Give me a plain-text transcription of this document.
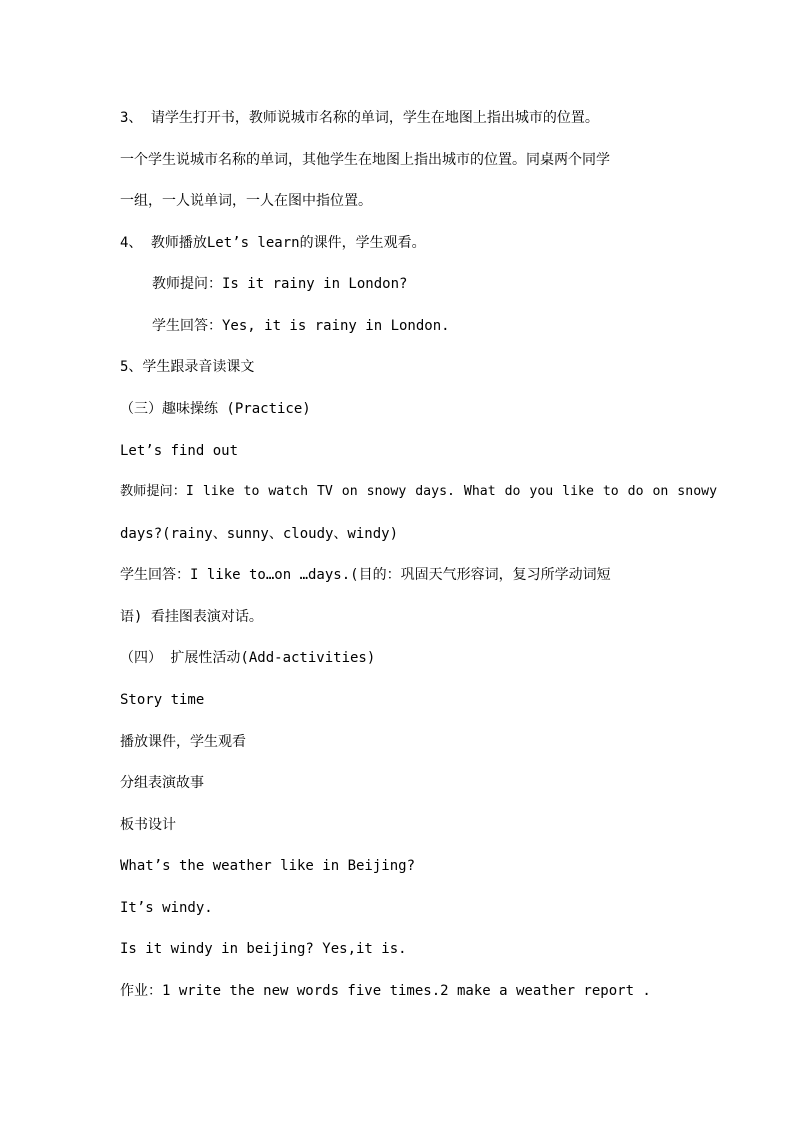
3、 请学生打开书，教师说城市名称的单词，学生在地图上指出城市的位置。
一个学生说城市名称的单词，其他学生在地图上指出城市的位置。同桌两个同学
一组，一人说单词，一人在图中指位置。
4、 教师播放Let’s learn的课件，学生观看。
教师提问：Is it rainy in London?
学生回答：Yes, it is rainy in London.
5、学生跟录音读课文
（三）趣味操练 (Practice)
Let’s find out
教师提问：I like to watch TV on snowy days. What do you like to do on snowy
days?(rainy、sunny、cloudy、windy)
学生回答：I like to…on …days.(目的：巩固天气形容词，复习所学动词短
语) 看挂图表演对话。
（四） 扩展性活动(Add-activities)
Story time
播放课件，学生观看
分组表演故事
板书设计
What’s the weather like in Beijing?
It’s windy.
Is it windy in beijing? Yes,it is.
作业：1 write the new words five times.2 make a weather report .
